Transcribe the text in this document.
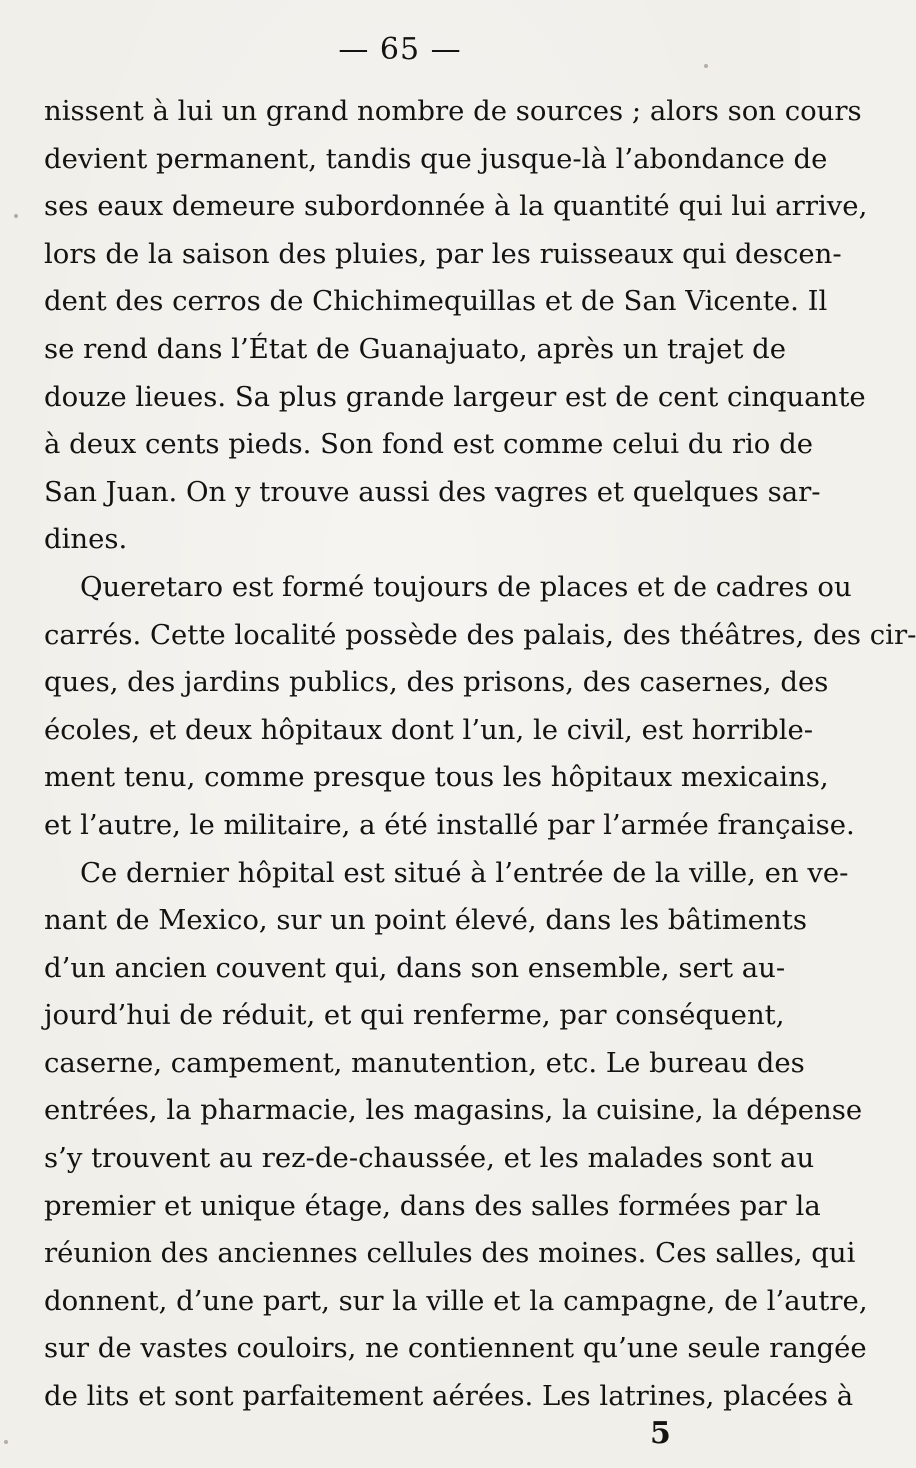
— 65 —
nissent à lui un grand nombre de sources ; alors son cours
devient permanent, tandis que jusque-là l’abondance de
ses eaux demeure subordonnée à la quantité qui lui arrive,
lors de la saison des pluies, par les ruisseaux qui descen-
dent des cerros de Chichimequillas et de San Vicente. Il
se rend dans l’État de Guanajuato, après un trajet de
douze lieues. Sa plus grande largeur est de cent cinquante
à deux cents pieds. Son fond est comme celui du rio de
San Juan. On y trouve aussi des vagres et quelques sar-
dines.
Queretaro est formé toujours de places et de cadres ou
carrés. Cette localité possède des palais, des théâtres, des cir-
ques, des jardins publics, des prisons, des casernes, des
écoles, et deux hôpitaux dont l’un, le civil, est horrible-
ment tenu, comme presque tous les hôpitaux mexicains,
et l’autre, le militaire, a été installé par l’armée française.
Ce dernier hôpital est situé à l’entrée de la ville, en ve-
nant de Mexico, sur un point élevé, dans les bâtiments
d’un ancien couvent qui, dans son ensemble, sert au-
jourd’hui de réduit, et qui renferme, par conséquent,
caserne, campement, manutention, etc. Le bureau des
entrées, la pharmacie, les magasins, la cuisine, la dépense
s’y trouvent au rez-de-chaussée, et les malades sont au
premier et unique étage, dans des salles formées par la
réunion des anciennes cellules des moines. Ces salles, qui
donnent, d’une part, sur la ville et la campagne, de l’autre,
sur de vastes couloirs, ne contiennent qu’une seule rangée
de lits et sont parfaitement aérées. Les latrines, placées à
5
